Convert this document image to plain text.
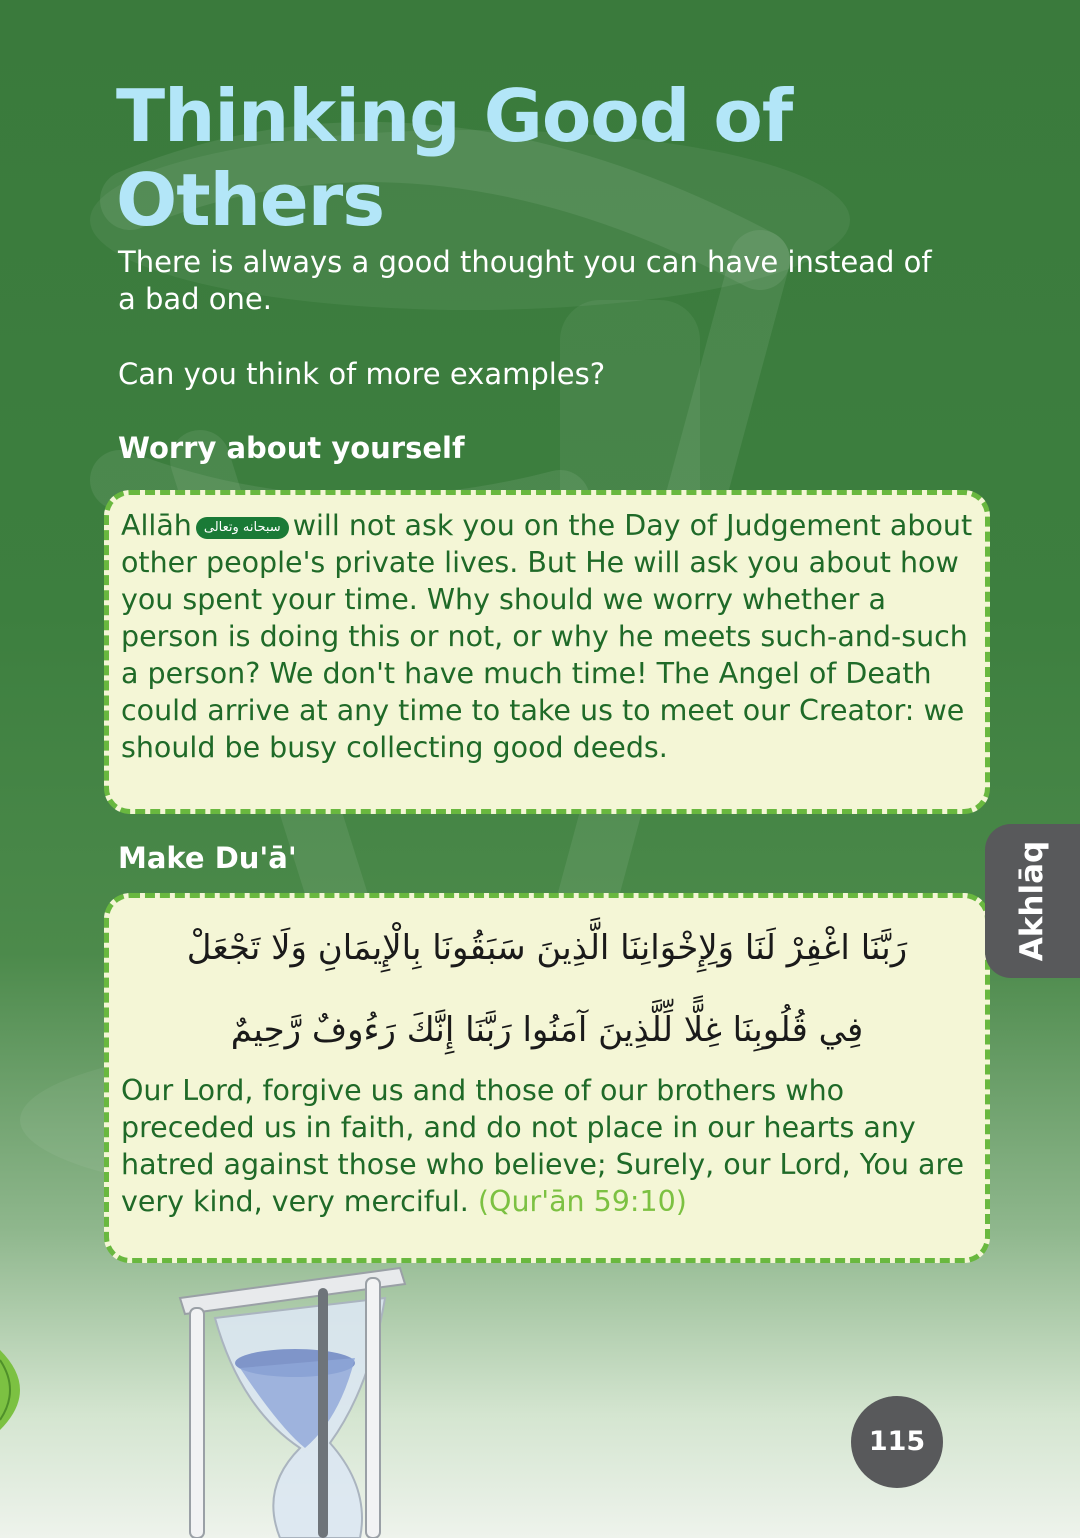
Thinking Good of Others

There is always a good thought you can have instead of a bad one.

Can you think of more examples?

Worry about yourself

Allāh سبحانه وتعالى will not ask you on the Day of Judgement about other people's private lives. But He will ask you about how you spent your time. Why should we worry whether a person is doing this or not, or why he meets such-and-such a person? We don't have much time! The Angel of Death could arrive at any time to take us to meet our Creator: we should be busy collecting good deeds.

Make Du'ā'

رَبَّنَا اغْفِرْ لَنَا وَلِإِخْوَانِنَا الَّذِينَ سَبَقُونَا بِالْإِيمَانِ وَلَا تَجْعَلْ

فِي قُلُوبِنَا غِلًّا لِّلَّذِينَ آمَنُوا رَبَّنَا إِنَّكَ رَءُوفٌ رَّحِيمٌ

Our Lord, forgive us and those of our brothers who preceded us in faith, and do not place in our hearts any hatred against those who believe; Surely, our Lord, You are very kind, very merciful. (Qur'ān 59:10)

Akhlāq
115
